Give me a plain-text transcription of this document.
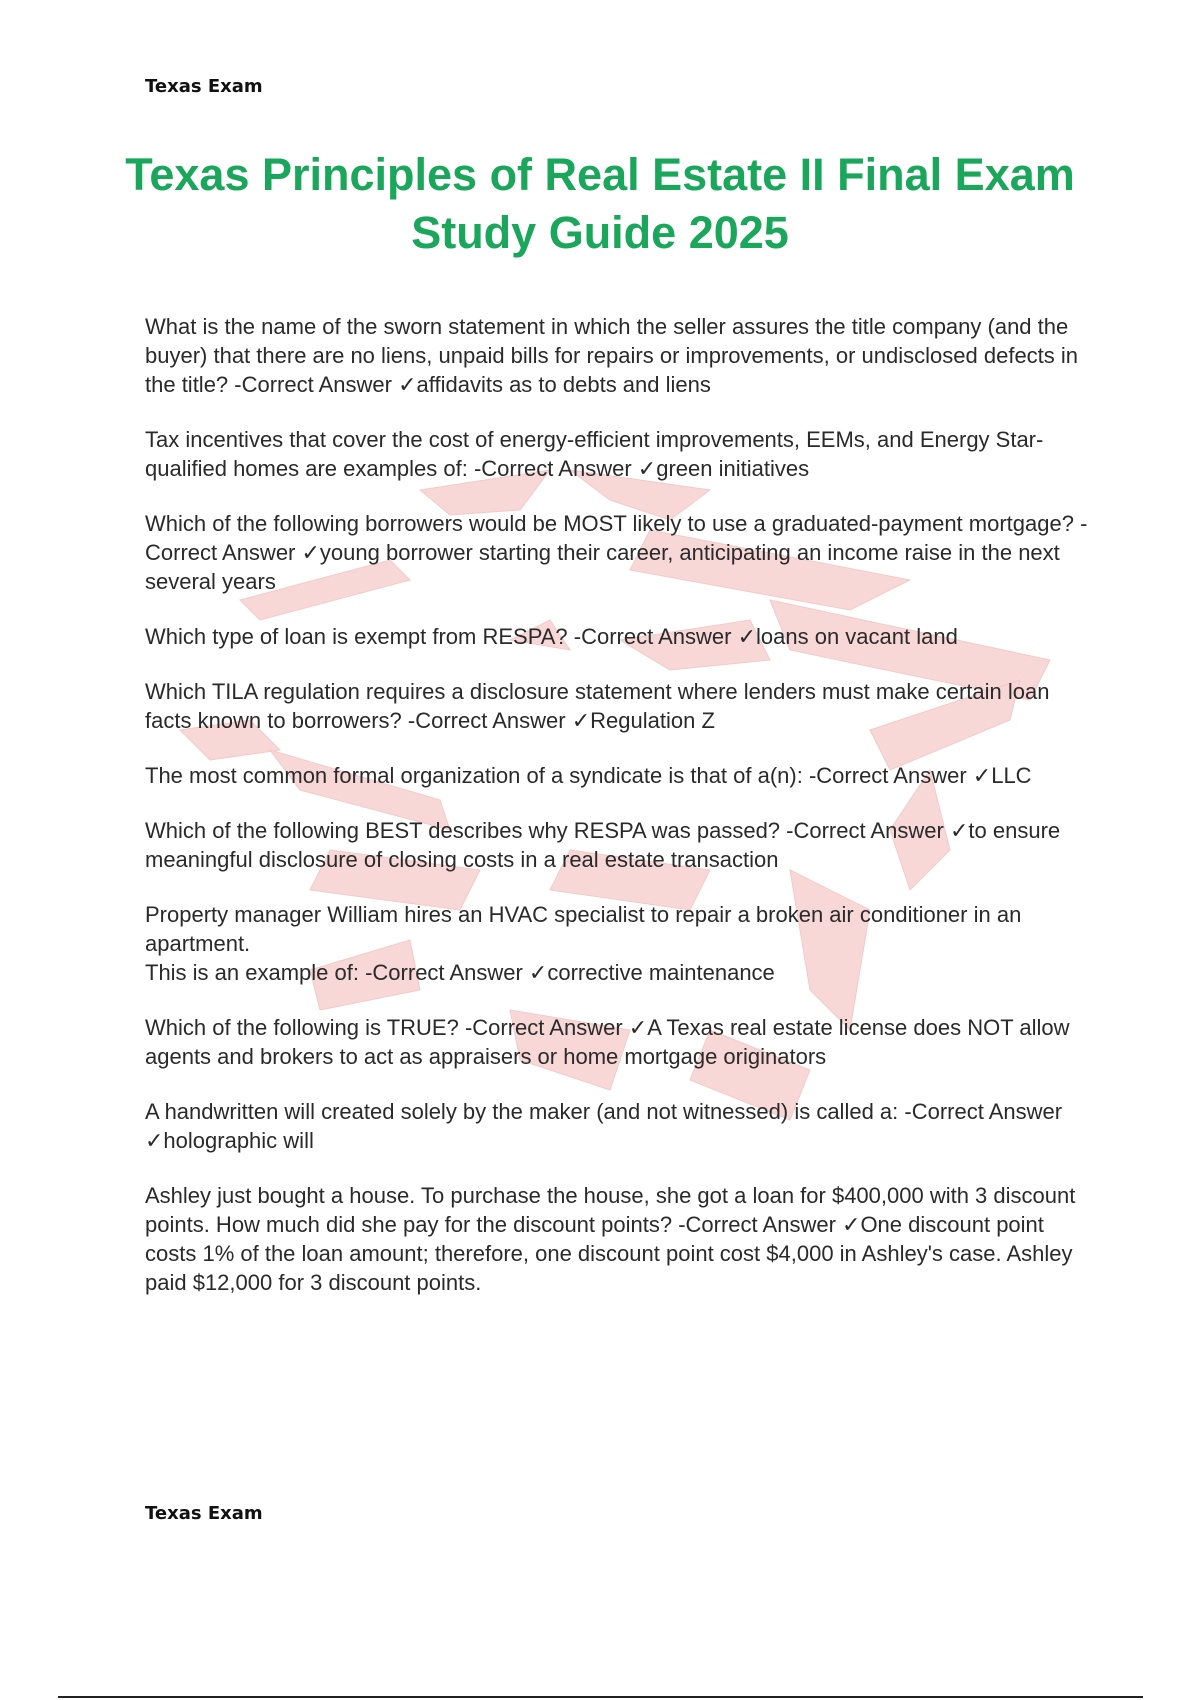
Texas Exam
Texas Principles of Real Estate II Final Exam Study Guide 2025
What is the name of the sworn statement in which the seller assures the title company (and the buyer) that there are no liens, unpaid bills for repairs or improvements, or undisclosed defects in the title? -Correct Answer ✓affidavits as to debts and liens
Tax incentives that cover the cost of energy-efficient improvements, EEMs, and Energy Star-qualified homes are examples of: -Correct Answer ✓green initiatives
Which of the following borrowers would be MOST likely to use a graduated-payment mortgage? -Correct Answer ✓young borrower starting their career, anticipating an income raise in the next several years
Which type of loan is exempt from RESPA? -Correct Answer ✓loans on vacant land
Which TILA regulation requires a disclosure statement where lenders must make certain loan facts known to borrowers? -Correct Answer ✓Regulation Z
The most common formal organization of a syndicate is that of a(n): -Correct Answer ✓LLC
Which of the following BEST describes why RESPA was passed? -Correct Answer ✓to ensure meaningful disclosure of closing costs in a real estate transaction
Property manager William hires an HVAC specialist to repair a broken air conditioner in an apartment.
This is an example of: -Correct Answer ✓corrective maintenance
Which of the following is TRUE? -Correct Answer ✓A Texas real estate license does NOT allow agents and brokers to act as appraisers or home mortgage originators
A handwritten will created solely by the maker (and not witnessed) is called a: -Correct Answer ✓holographic will
Ashley just bought a house. To purchase the house, she got a loan for $400,000 with 3 discount points. How much did she pay for the discount points? -Correct Answer ✓One discount point costs 1% of the loan amount; therefore, one discount point cost $4,000 in Ashley's case. Ashley paid $12,000 for 3 discount points.
Texas Exam
